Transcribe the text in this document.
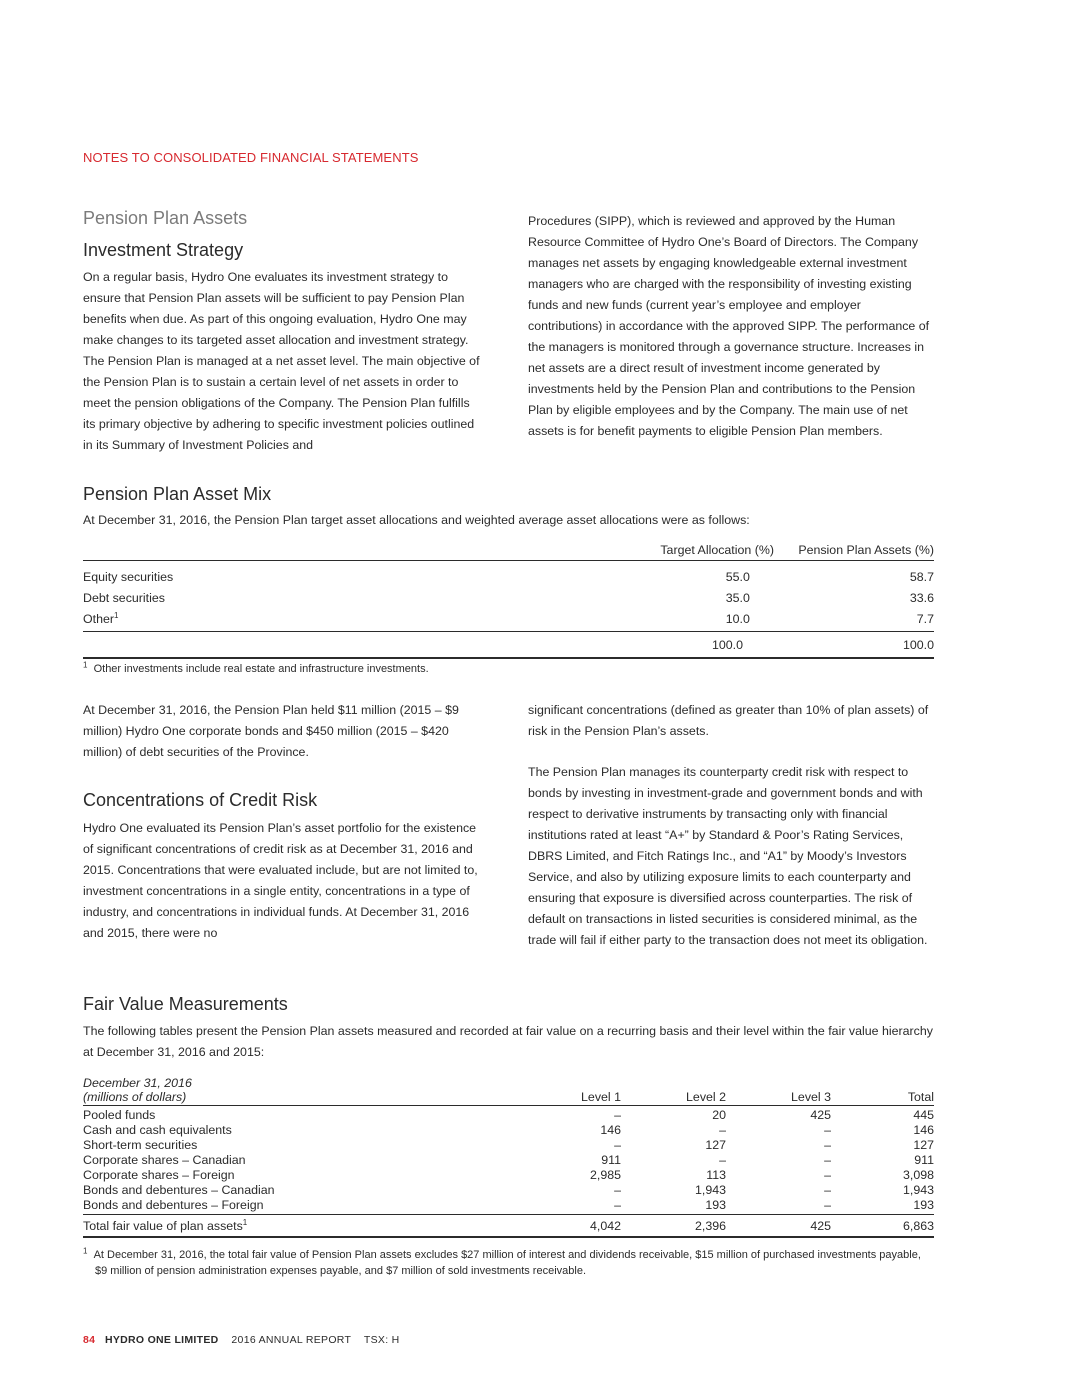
NOTES TO CONSOLIDATED FINANCIAL STATEMENTS
Pension Plan Assets
Investment Strategy

On a regular basis, Hydro One evaluates its investment strategy to ensure that Pension Plan assets will be sufficient to pay Pension Plan benefits when due. As part of this ongoing evaluation, Hydro One may make changes to its targeted asset allocation and investment strategy. The Pension Plan is managed at a net asset level. The main objective of the Pension Plan is to sustain a certain level of net assets in order to meet the pension obligations of the Company. The Pension Plan fulfills its primary objective by adhering to specific investment policies outlined in its Summary of Investment Policies and

Procedures (SIPP), which is reviewed and approved by the Human Resource Committee of Hydro One’s Board of Directors. The Company manages net assets by engaging knowledgeable external investment managers who are charged with the responsibility of investing existing funds and new funds (current year’s employee and employer contributions) in accordance with the approved SIPP. The performance of the managers is monitored through a governance structure. Increases in net assets are a direct result of investment income generated by investments held by the Pension Plan and contributions to the Pension Plan by eligible employees and by the Company. The main use of net assets is for benefit payments to eligible Pension Plan members.

Pension Plan Asset Mix
At December 31, 2016, the Pension Plan target asset allocations and weighted average asset allocations were as follows:
	Target Allocation (%)	Pension Plan Assets (%)
Equity securities	55.0	58.7
Debt securities	35.0	33.6
Other$^1$	10.0	7.7
	100.0	100.0
$^1$ Other investments include real estate and infrastructure investments.

At December 31, 2016, the Pension Plan held $11 million (2015 – $9 million) Hydro One corporate bonds and $450 million (2015 – $420 million) of debt securities of the Province.

Concentrations of Credit Risk

Hydro One evaluated its Pension Plan’s asset portfolio for the existence of significant concentrations of credit risk as at December 31, 2016 and 2015. Concentrations that were evaluated include, but are not limited to, investment concentrations in a single entity, concentrations in a type of industry, and concentrations in individual funds. At December 31, 2016 and 2015, there were no

significant concentrations (defined as greater than 10% of plan assets) of risk in the Pension Plan’s assets.

The Pension Plan manages its counterparty credit risk with respect to bonds by investing in investment-grade and government bonds and with respect to derivative instruments by transacting only with financial institutions rated at least “A+” by Standard & Poor’s Rating Services, DBRS Limited, and Fitch Ratings Inc., and “A1” by Moody’s Investors Service, and also by utilizing exposure limits to each counterparty and ensuring that exposure is diversified across counterparties. The risk of default on transactions in listed securities is considered minimal, as the trade will fail if either party to the transaction does not meet its obligation.

Fair Value Measurements

The following tables present the Pension Plan assets measured and recorded at fair value on a recurring basis and their level within the fair value hierarchy at December 31, 2016 and 2015:

December 31, 2016
(millions of dollars)	Level 1	Level 2	Level 3	Total
Pooled funds	–	20	425	445
Cash and cash equivalents	146	–	–	146
Short-term securities	–	127	–	127
Corporate shares – Canadian	911	–	–	911
Corporate shares – Foreign	2,985	113	–	3,098
Bonds and debentures – Canadian	–	1,943	–	1,943
Bonds and debentures – Foreign	–	193	–	193
Total fair value of plan assets$^1$	4,042	2,396	425	6,863
$^1$ At December 31, 2016, the total fair value of Pension Plan assets excludes $27 million of interest and dividends receivable, $15 million of purchased investments payable, $9 million of pension administration expenses payable, and $7 million of sold investments receivable.
84 HYDRO ONE LIMITED 2016 ANNUAL REPORT TSX: H
